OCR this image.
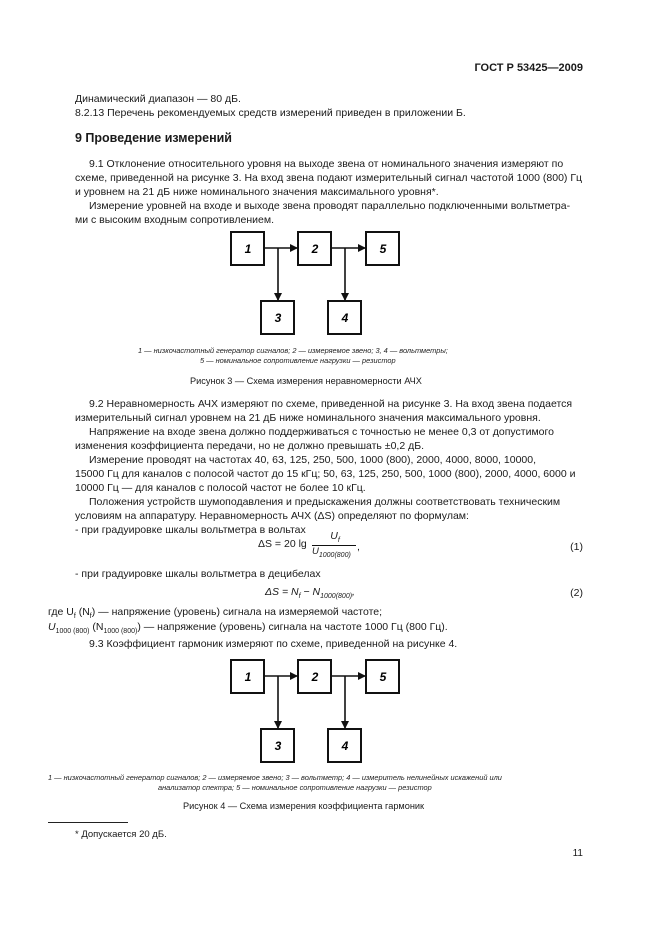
ГОСТ Р 53425—2009
Динамический диапазон — 80 дБ.
8.2.13 Перечень рекомендуемых средств измерений приведен в приложении Б.
9 Проведение измерений
9.1 Отклонение относительного уровня на выходе звена от номинального значения измеряют по
схеме, приведенной на рисунке 3. На вход звена подают измерительный сигнал частотой 1000 (800) Гц
и уровнем на 21 дБ ниже номинального значения максимального уровня*.
Измерение уровней на входе и выходе звена проводят параллельно подключенными вольтметра-
ми с высоким входным сопротивлением.
1	2	5
3	4
1	2	5
3	4
1 — низкочастотный генератор сигналов; 2 — измеряемое звено; 3, 4 — вольтметры;
5 — номинальное сопротивление нагрузки — резистор
Рисунок 3 — Схема измерения неравномерности АЧХ
9.2 Неравномерность АЧХ измеряют по схеме, приведенной на рисунке 3. На вход звена подается
измерительный сигнал уровнем на 21 дБ ниже номинального значения максимального уровня.
Напряжение на входе звена должно поддерживаться с точностью не менее 0,3 от допустимого
изменения коэффициента передачи, но не должно превышать ±0,2 дБ.
Измерение проводят на частотах 40, 63, 125, 250, 500, 1000 (800), 2000, 4000, 8000, 10000,
15000 Гц для каналов с полосой частот до 15 кГц; 50, 63, 125, 250, 500, 1000 (800), 2000, 4000, 6000 и
10000 Гц — для каналов с полосой частот не более 10 кГц.
Положения устройств шумоподавления и предыскажения должны соответствовать техническим
условиям на аппаратуру. Неравномерность АЧХ (ΔS) определяют по формулам:
- при градуировке шкалы вольтметра в вольтах
ΔS = 20 lg
$U_f$
$U_{1000(800)}$
,	(1)
- при градуировке шкалы вольтметра в децибелах
$\Delta S = N_f - N_{1000(800)}$,	(2)
где $U_f$ $(N_f)$ — напряжение (уровень) сигнала на измеряемой частоте;
$U_{1000 (800)}$ $(N_{1000 (800)})$ — напряжение (уровень) сигнала на частоте 1000 Гц (800 Гц).
9.3 Коэффициент гармоник измеряют по схеме, приведенной на рисунке 4.
1 — низкочастотный генератор сигналов; 2 — измеряемое звено; 3 — вольтметр; 4 — измеритель нелинейных искажений или
анализатор спектра; 5 — номинальное сопротивление нагрузки — резистор
Рисунок 4 — Схема измерения коэффициента гармоник
* Допускается 20 дБ.
11
